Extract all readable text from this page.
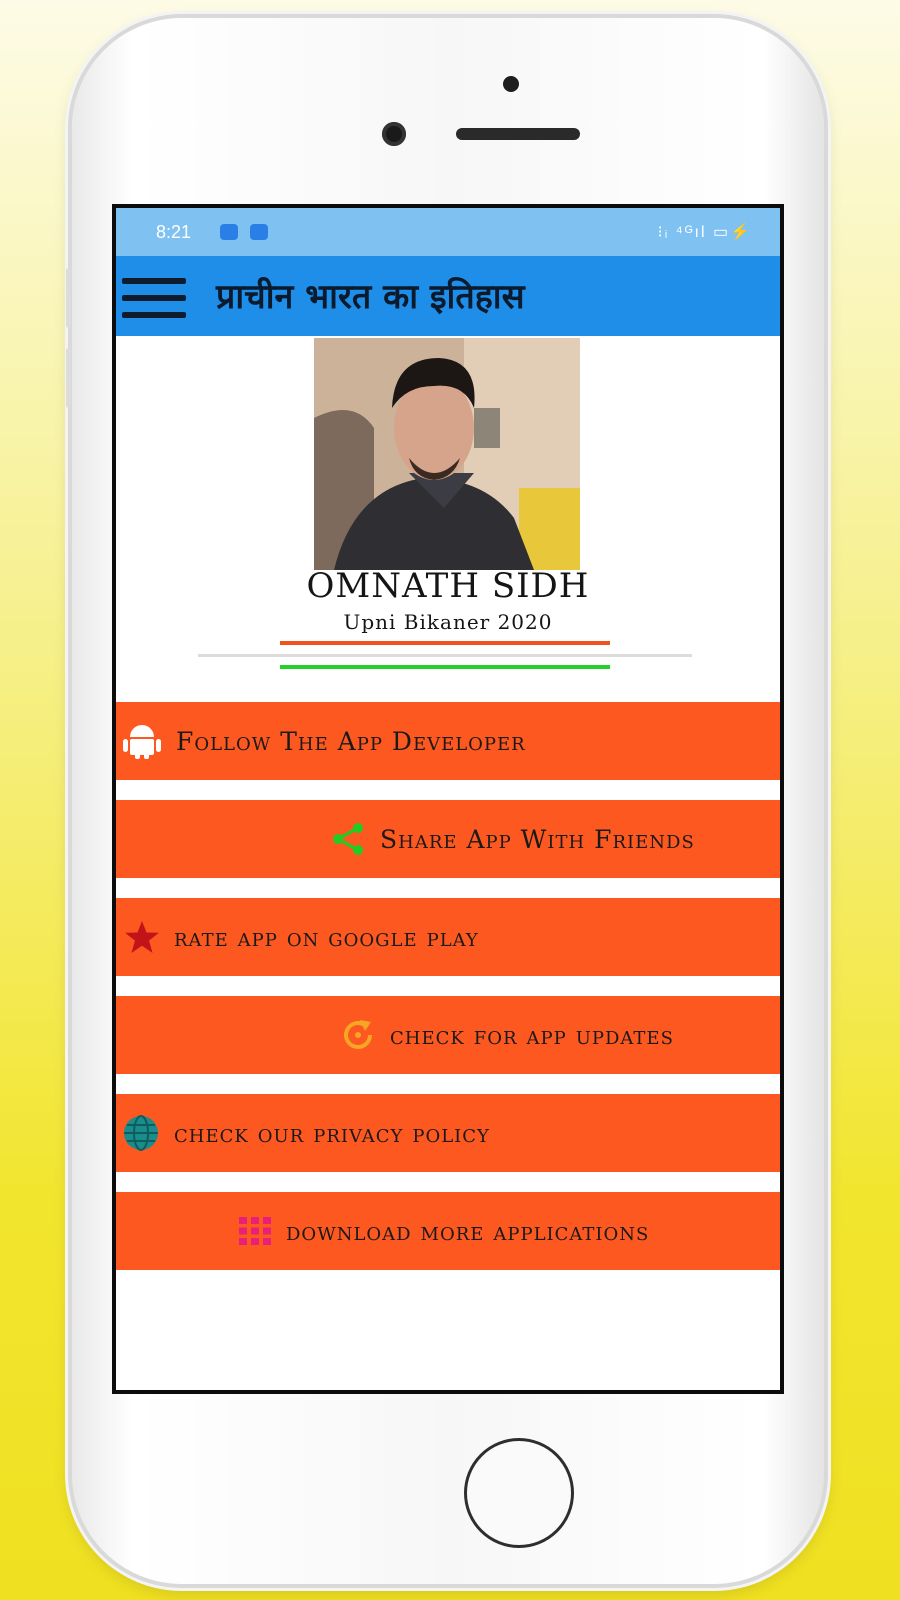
8:21	⁝ᵢ ⁴ᴳıl ▭⚡
प्राचीन भारत का इतिहास
OMNATH SIDH
Upni Bikaner 2020
Follow The App Developer
Share App With Friends
rate app on google play
check for app updates
check our privacy policy
download more applications
